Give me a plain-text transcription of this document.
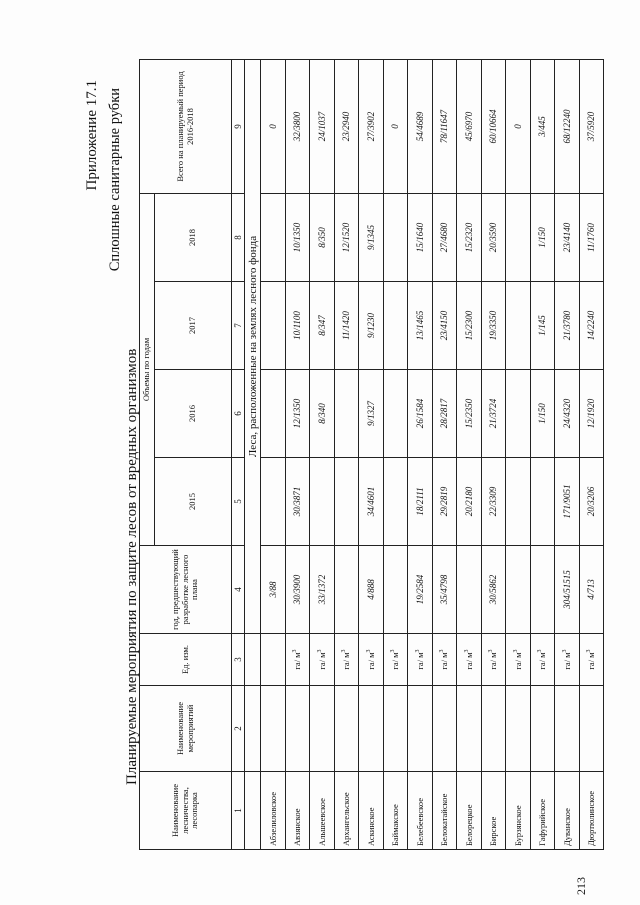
213
Приложение 17.1 Сплошные санитарные рубки
Планируемые мероприятия по защите лесов от вредных организмов
Наименование лесничества, лесопарка	Наименование мероприятий	Ед. изм.	год, предшествующий разработке лесного плана	Объемы по годам				Всего на планируемый период 2016-2018
				2015	2016	2017	2018	
1	2	3	4	5	6	7	8	9
			Леса, расположенные на землях лесного фонда					
Абзелиловское			3/88					0
Авзянское		га/ $м^3$	30/3900	30/3871	12/1350	10/1100	10/1350	32/3800
Альшеевское		га/ $м^3$	33/1372		8/340	8/347	8/350	24/1037
Архангельское		га/ $м^3$				11/1420	12/1520	23/2940
Аскинское		га/ $м^3$	4/888	34/4601	9/1327	9/1230	9/1345	27/3902
Баймакское		га/ $м^3$						0
Белебеевское		га/ $м^3$	19/2584	18/2111	26/1584	13/1465	15/1640	54/4689
Белокатайское		га/ $м^3$	35/4798	29/2819	28/2817	23/4150	27/4680	78/11647
Белорецкое		га/ $м^3$		20/2180	15/2350	15/2300	15/2320	45/6970
Бирское		га/ $м^3$	30/5862	22/3309	21/3724	19/3350	20/3590	60/10664
Бурзянское		га/ $м^3$						0
Гафурийское		га/ $м^3$			1/150	1/145	1/150	3/445
Дуванское		га/ $м^3$	304/51515	171/9051	24/4320	21/3780	23/4140	68/12240
Дюртюлинское		га/ $м^3$	4/713	20/3206	12/1920	14/2240	11/1760	37/5920
